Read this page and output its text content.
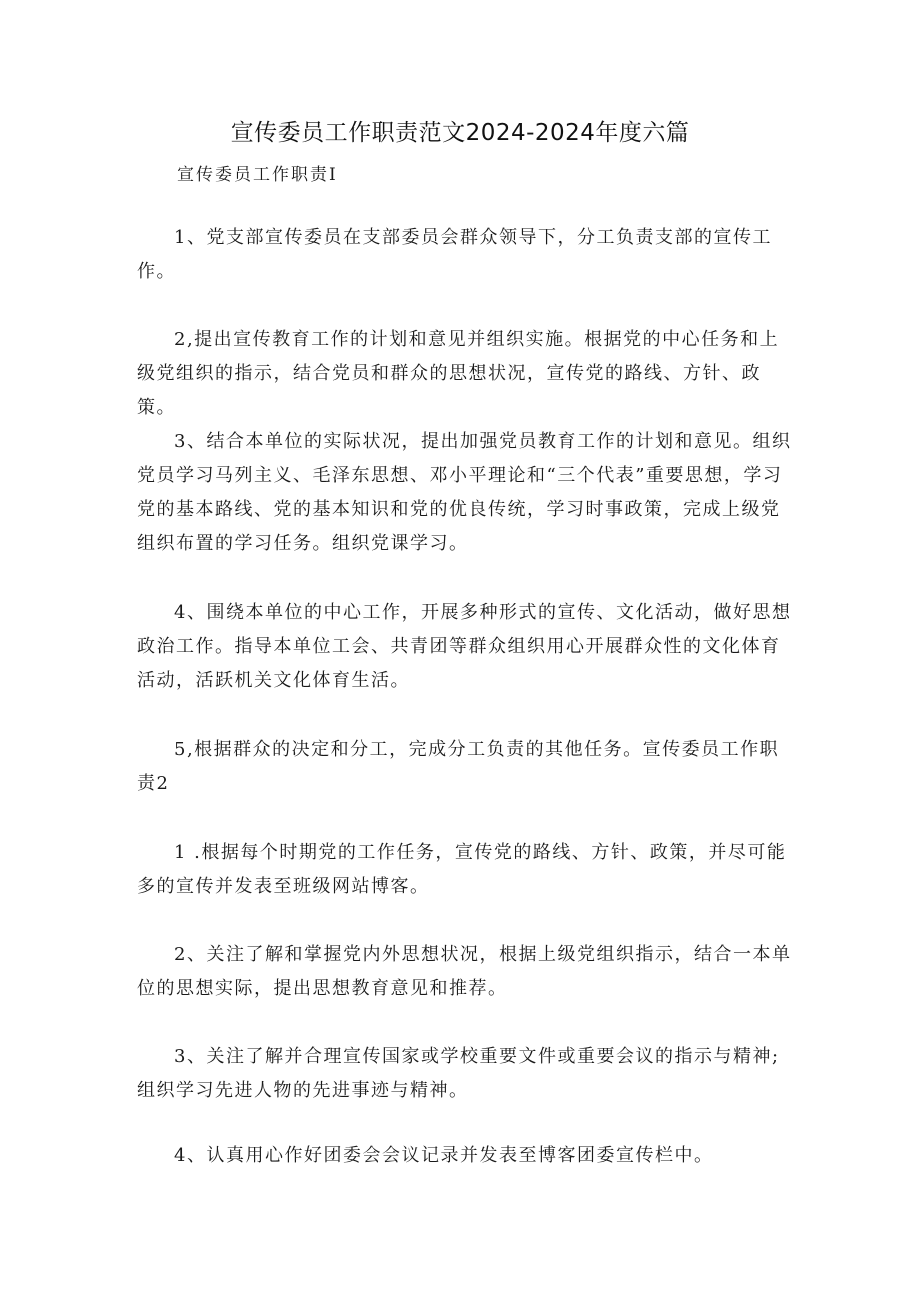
宣传委员工作职责范文2024-2024年度六篇
宣传委员工作职责I

1、党支部宣传委员在支部委员会群众领导下，分工负责支部的宣传工作。

2,提出宣传教育工作的计划和意见并组织实施。根据党的中心任务和上级党组织的指示，结合党员和群众的思想状况，宣传党的路线、方针、政策。

3、结合本单位的实际状况，提出加强党员教育工作的计划和意见。组织党员学习马列主义、毛泽东思想、邓小平理论和“三个代表”重要思想，学习党的基本路线、党的基本知识和党的优良传统，学习时事政策，完成上级党组织布置的学习任务。组织党课学习。

4、围绕本单位的中心工作，开展多种形式的宣传、文化活动，做好思想政治工作。指导本单位工会、共青团等群众组织用心开展群众性的文化体育活动，活跃机关文化体育生活。

5,根据群众的决定和分工，完成分工负责的其他任务。宣传委员工作职责2

1 .根据每个时期党的工作任务，宣传党的路线、方针、政策，并尽可能多的宣传并发表至班级网站博客。

2、关注了解和掌握党内外思想状况，根据上级党组织指示，结合一本单位的思想实际，提出思想教育意见和推荐。

3、关注了解并合理宣传国家或学校重要文件或重要会议的指示与精神;组织学习先进人物的先进事迹与精神。

4、认真用心作好团委会会议记录并发表至博客团委宣传栏中。
